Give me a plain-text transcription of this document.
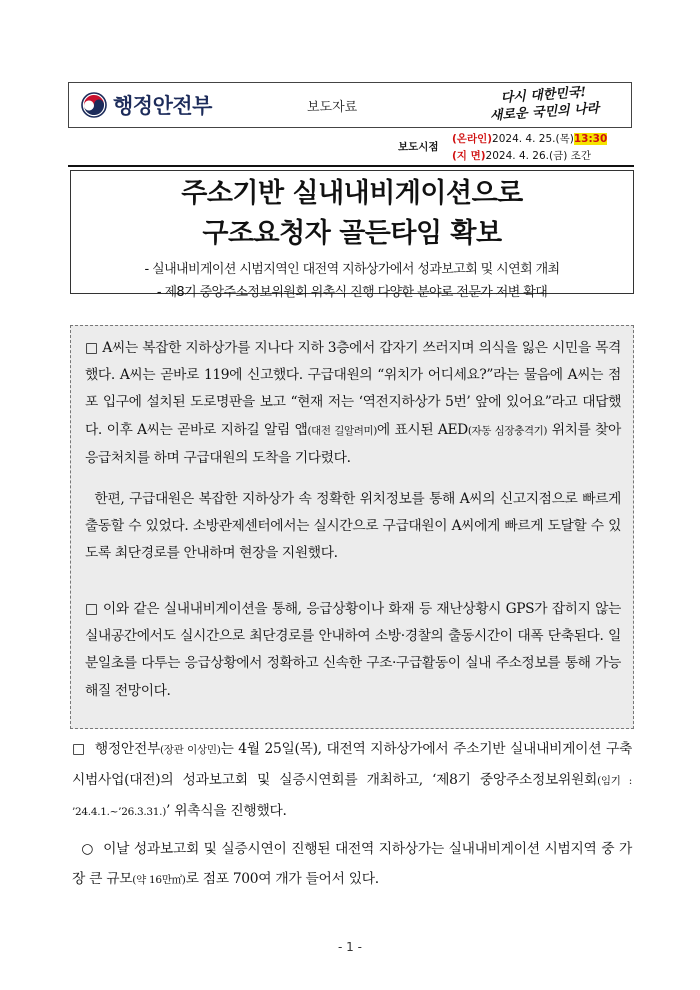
행정안전부	보도자료
다시 대한민국!
새로운 국민의 나라
보도시점
(온라인)2024. 4. 25.(목)13:30
(지 면)2024. 4. 26.(금) 조간
주소기반 실내내비게이션으로
구조요청자 골든타임 확보
- 실내내비게이션 시범지역인 대전역 지하상가에서 성과보고회 및 시연회 개최
- 제8기 중앙주소정보위원회 위촉식 진행 다양한 분야로 전문가 저변 확대
□ A씨는 복잡한 지하상가를 지나다 지하 3층에서 갑자기 쓰러지며 의식을 잃은 시민을 목격했다. A씨는 곧바로 119에 신고했다. 구급대원의 “위치가 어디세요?”라는 물음에 A씨는 점포 입구에 설치된 도로명판을 보고 “현재 저는 ‘역전지하상가 5번’ 앞에 있어요”라고 대답했다. 이후 A씨는 곧바로 지하길 알림 앱(대전 길알려미)에 표시된 AED(자동 심장충격기) 위치를 찾아 응급처치를 하며 구급대원의 도착을 기다렸다.
한편, 구급대원은 복잡한 지하상가 속 정확한 위치정보를 통해 A씨의 신고지점으로 빠르게 출동할 수 있었다. 소방관제센터에서는 실시간으로 구급대원이 A씨에게 빠르게 도달할 수 있도록 최단경로를 안내하며 현장을 지원했다.
□ 이와 같은 실내내비게이션을 통해, 응급상황이나 화재 등 재난상황시 GPS가 잡히지 않는 실내공간에서도 실시간으로 최단경로를 안내하여 소방·경찰의 출동시간이 대폭 단축된다. 일분일초를 다투는 응급상황에서 정확하고 신속한 구조·구급활동이 실내 주소정보를 통해 가능해질 전망이다.
□ 행정안전부(장관 이상민)는 4월 25일(목), 대전역 지하상가에서 주소기반 실내내비게이션 구축 시범사업(대전)의 성과보고회 및 실증시연회를 개최하고, ‘제8기 중앙주소정보위원회(임기 : ’24.4.1.~’26.3.31.)’ 위촉식을 진행했다.
○ 이날 성과보고회 및 실증시연이 진행된 대전역 지하상가는 실내내비게이션 시범지역 중 가장 큰 규모(약 16만㎡)로 점포 700여 개가 들어서 있다.
- 1 -
